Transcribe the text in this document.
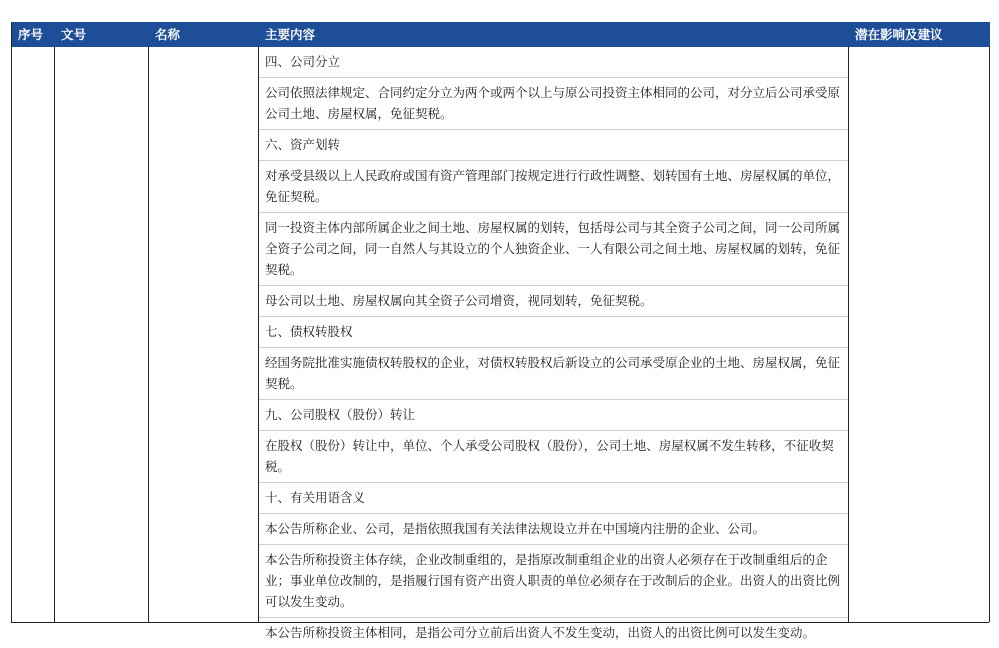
序号	文号	名称	主要内容	潜在影响及建议
四、公司分立
公司依照法律规定、合同约定分立为两个或两个以上与原公司投资主体相同的公司，对分立后公司承受原公司土地、房屋权属，免征契税。
六、资产划转
对承受县级以上人民政府或国有资产管理部门按规定进行行政性调整、划转国有土地、房屋权属的单位，免征契税。
同一投资主体内部所属企业之间土地、房屋权属的划转，包括母公司与其全资子公司之间，同一公司所属全资子公司之间，同一自然人与其设立的个人独资企业、一人有限公司之间土地、房屋权属的划转，免征契税。
母公司以土地、房屋权属向其全资子公司增资，视同划转，免征契税。
七、债权转股权
经国务院批准实施债权转股权的企业，对债权转股权后新设立的公司承受原企业的土地、房屋权属，免征契税。
九、公司股权（股份）转让
在股权（股份）转让中，单位、个人承受公司股权（股份），公司土地、房屋权属不发生转移，不征收契税。
十、有关用语含义
本公告所称企业、公司，是指依照我国有关法律法规设立并在中国境内注册的企业、公司。
本公告所称投资主体存续，企业改制重组的，是指原改制重组企业的出资人必须存在于改制重组后的企业；事业单位改制的，是指履行国有资产出资人职责的单位必须存在于改制后的企业。出资人的出资比例可以发生变动。
本公告所称投资主体相同，是指公司分立前后出资人不发生变动，出资人的出资比例可以发生变动。
